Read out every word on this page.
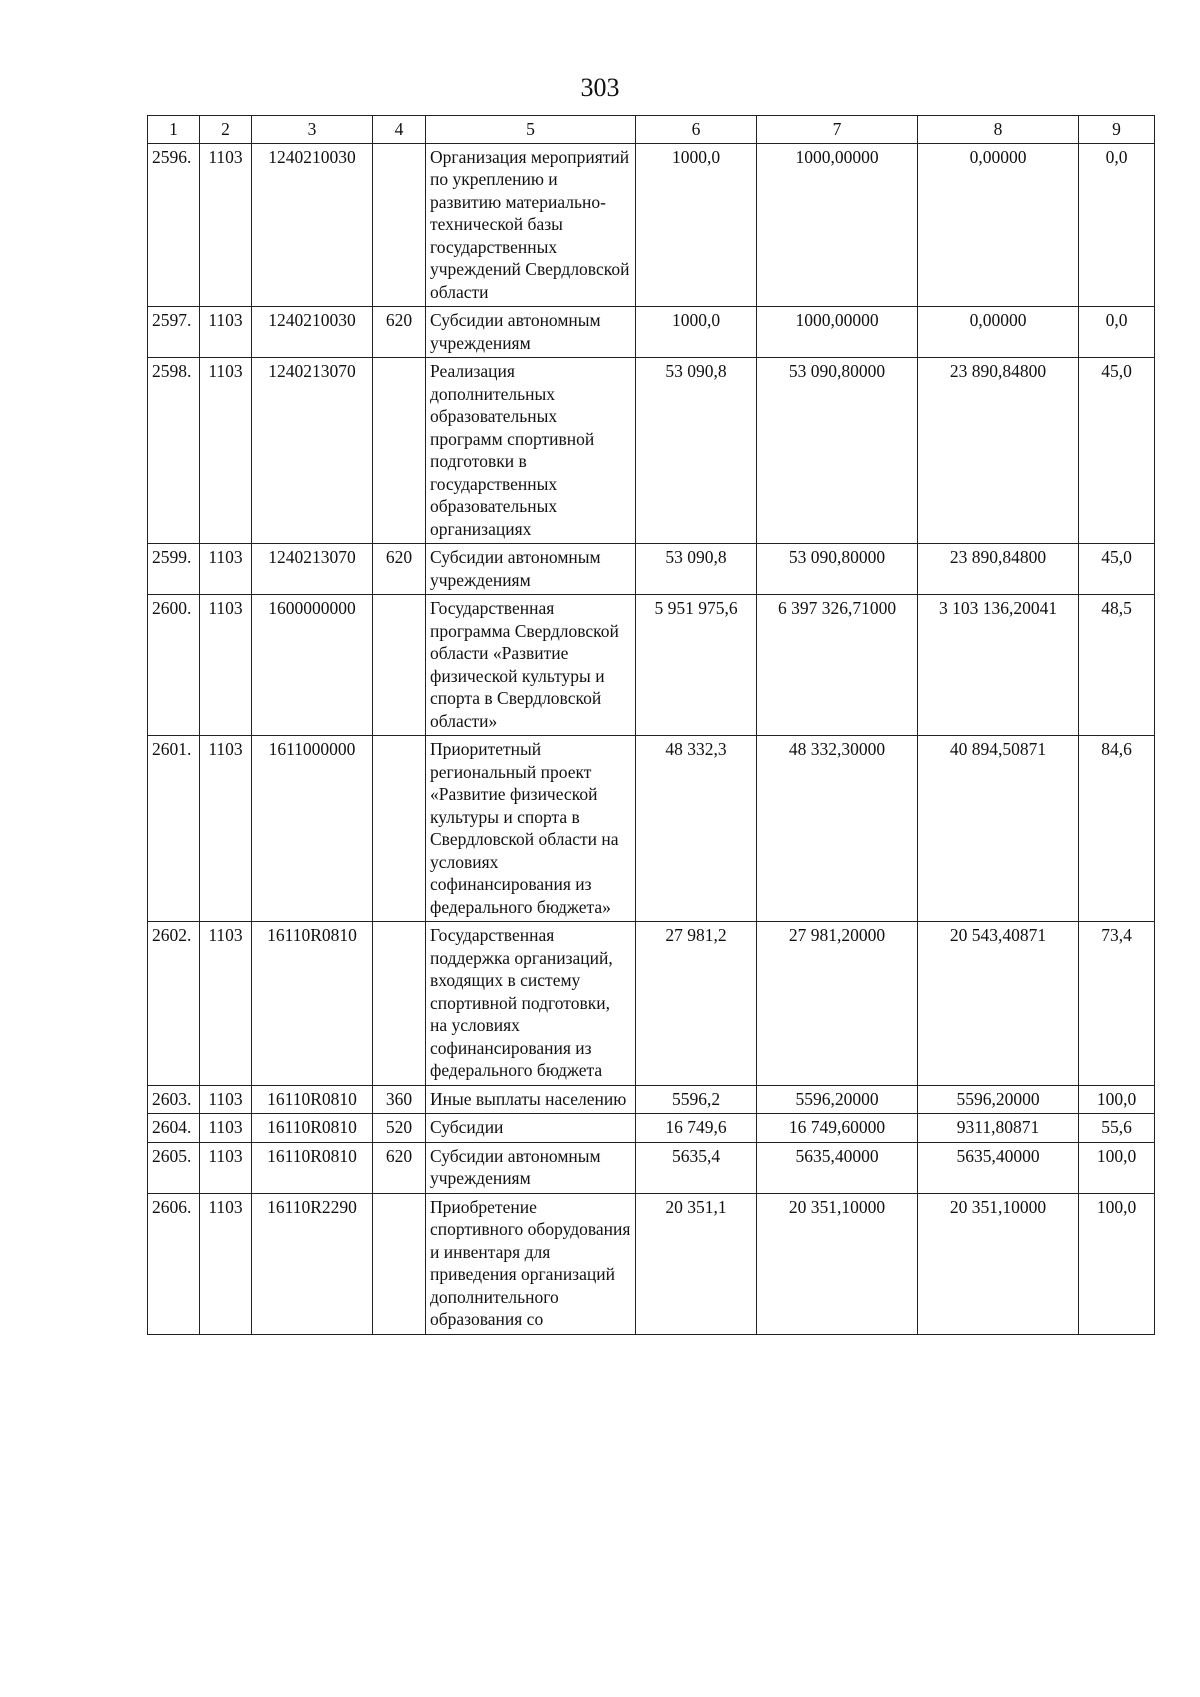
303
1	2	3	4	5	6	7	8	9
2596.	1103	1240210030		Организация мероприятий по укреплению и развитию материально-технической базы государственных учреждений Свердловской области	1000,0	1000,00000	0,00000	0,0
2597.	1103	1240210030	620	Субсидии автономным учреждениям	1000,0	1000,00000	0,00000	0,0
2598.	1103	1240213070		Реализация дополнительных образовательных программ спортивной подготовки в государственных образовательных организациях	53 090,8	53 090,80000	23 890,84800	45,0
2599.	1103	1240213070	620	Субсидии автономным учреждениям	53 090,8	53 090,80000	23 890,84800	45,0
2600.	1103	1600000000		Государственная программа Свердловской области «Развитие физической культуры и спорта в Свердловской области»	5 951 975,6	6 397 326,71000	3 103 136,20041	48,5
2601.	1103	1611000000		Приоритетный региональный проект «Развитие физической культуры и спорта в Свердловской области на условиях софинансирования из федерального бюджета»	48 332,3	48 332,30000	40 894,50871	84,6
2602.	1103	16110R0810		Государственная поддержка организаций, входящих в систему спортивной подготовки, на условиях софинансирования из федерального бюджета	27 981,2	27 981,20000	20 543,40871	73,4
2603.	1103	16110R0810	360	Иные выплаты населению	5596,2	5596,20000	5596,20000	100,0
2604.	1103	16110R0810	520	Субсидии	16 749,6	16 749,60000	9311,80871	55,6
2605.	1103	16110R0810	620	Субсидии автономным учреждениям	5635,4	5635,40000	5635,40000	100,0
2606.	1103	16110R2290		Приобретение спортивного оборудования и инвентаря для приведения организаций дополнительного образования со	20 351,1	20 351,10000	20 351,10000	100,0
